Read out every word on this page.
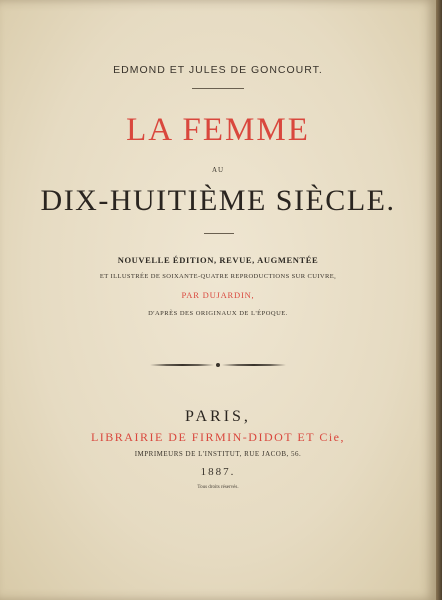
EDMOND ET JULES DE GONCOURT.
LA FEMME
AU
DIX-HUITIÈME SIÈCLE.
NOUVELLE ÉDITION, REVUE, AUGMENTÉE
ET ILLUSTRÉE DE SOIXANTE-QUATRE REPRODUCTIONS SUR CUIVRE,
PAR DUJARDIN,
D'APRÈS DES ORIGINAUX DE L'ÉPOQUE.
PARIS,
LIBRAIRIE DE FIRMIN-DIDOT ET Cie,
IMPRIMEURS DE L'INSTITUT, RUE JACOB, 56.
1887.
Tous droits réservés.
